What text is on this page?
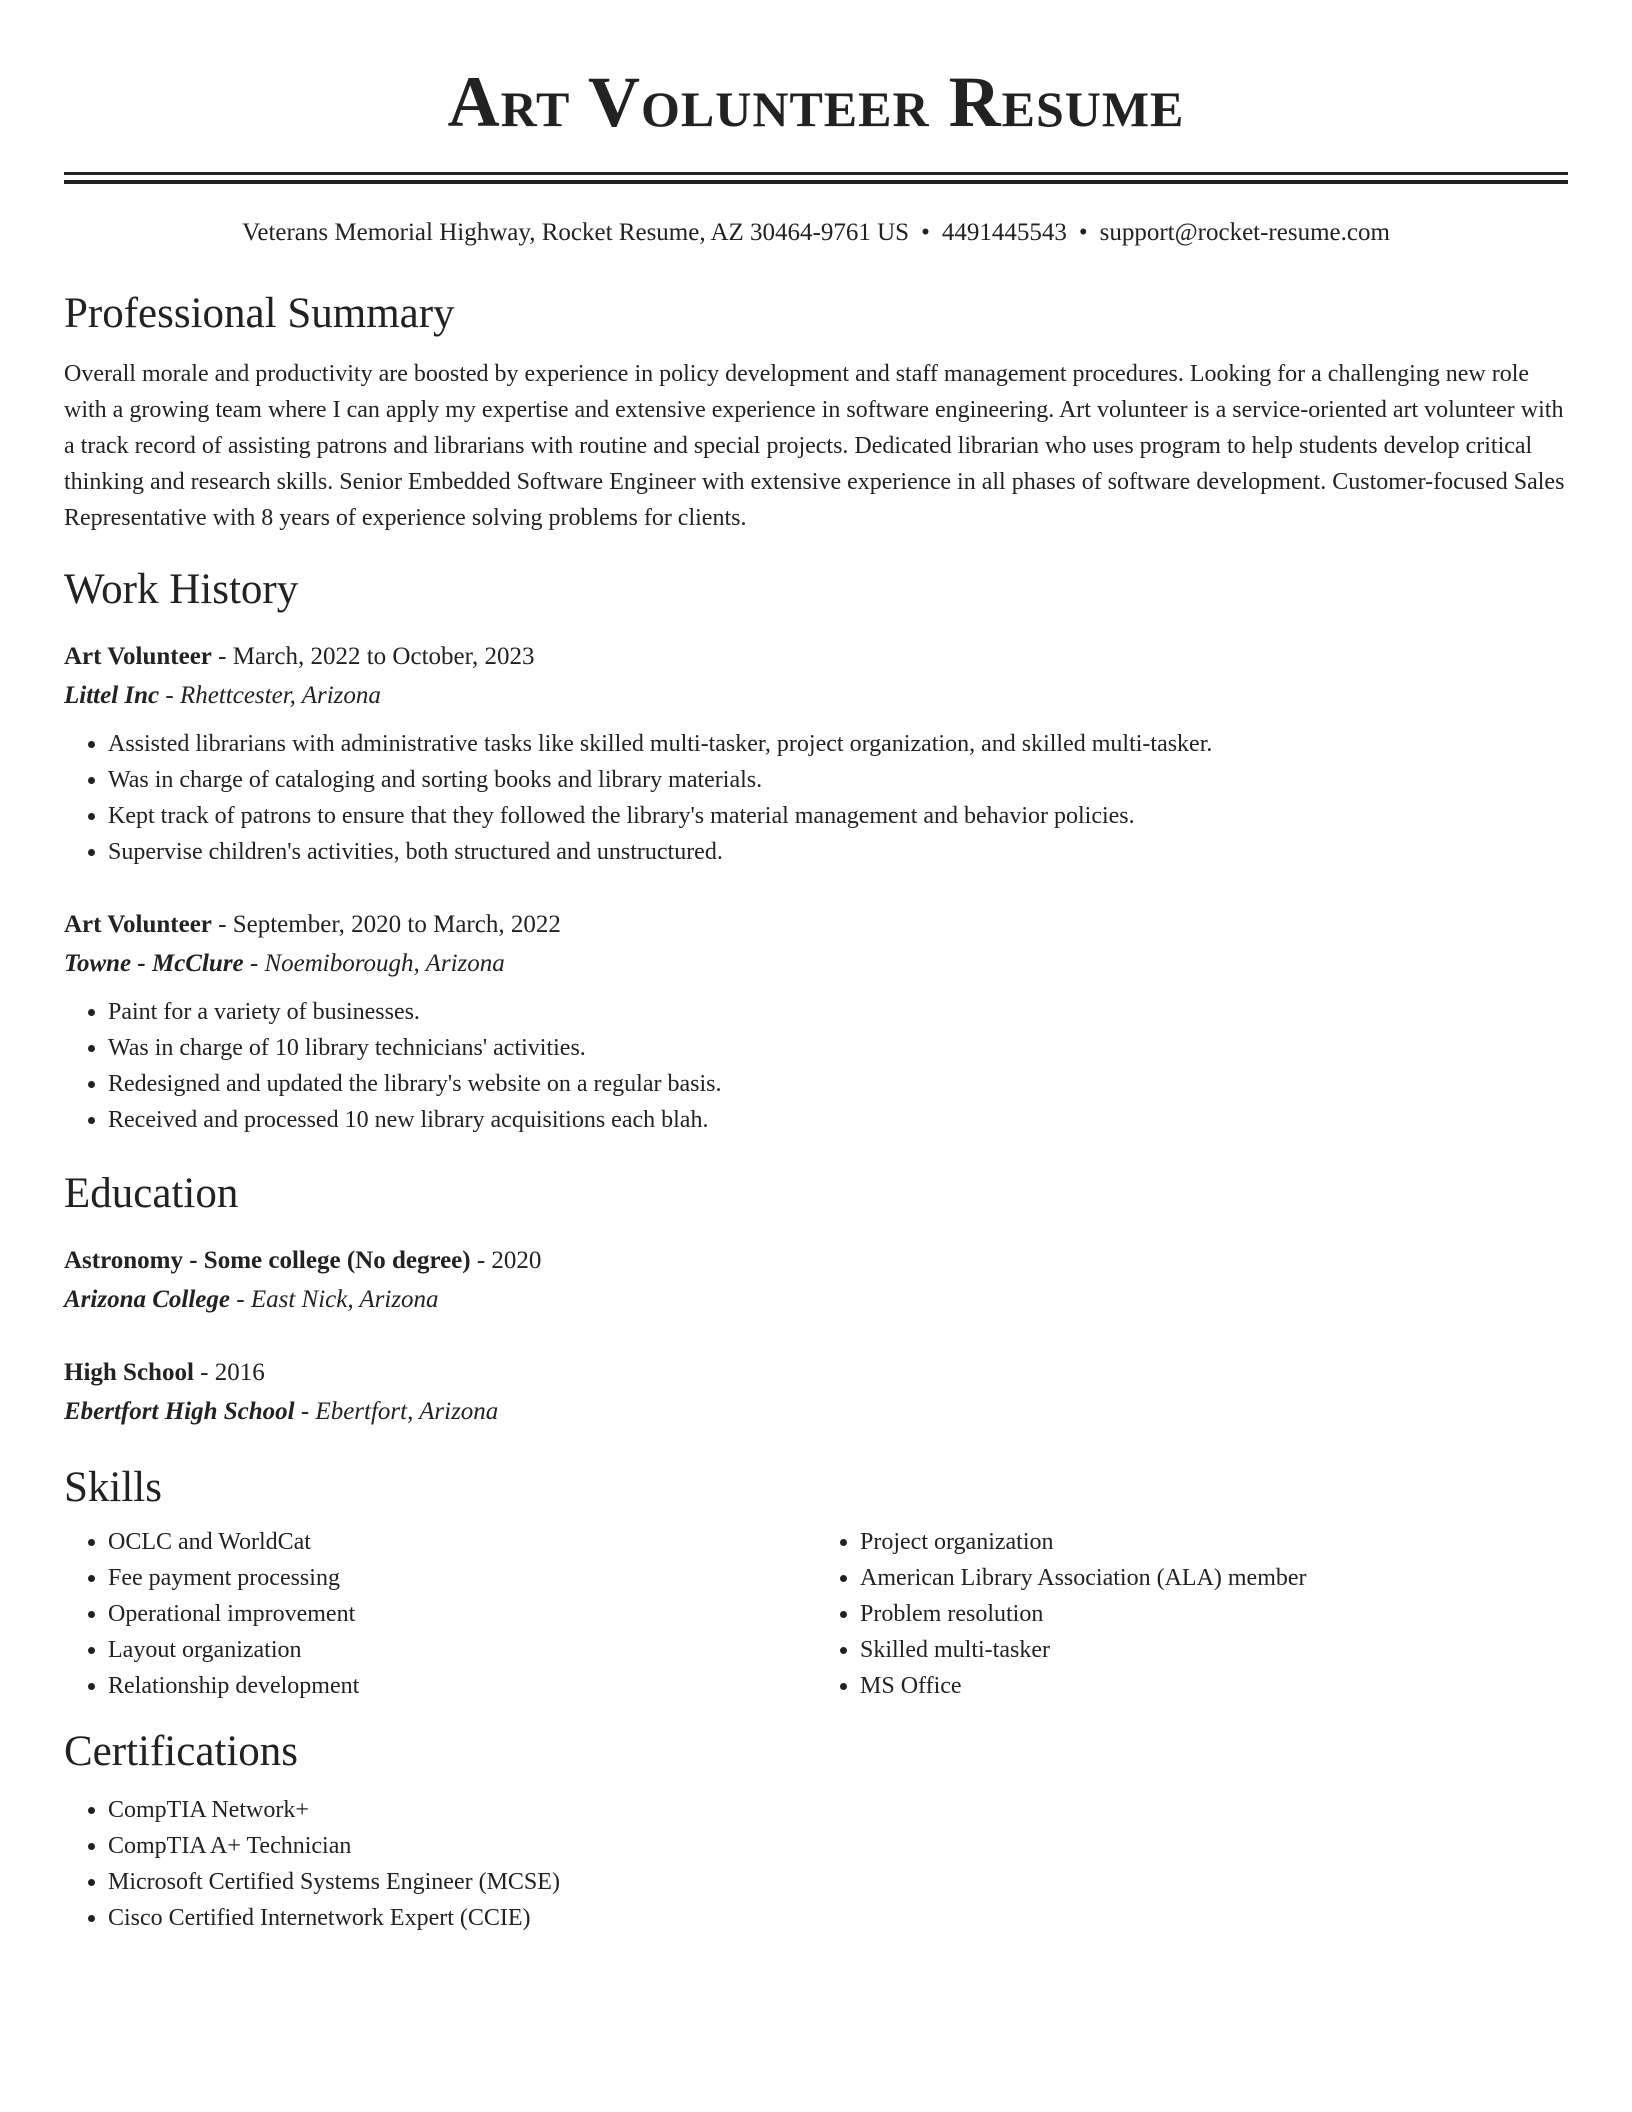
Art Volunteer Resume
Veterans Memorial Highway, Rocket Resume, AZ 30464-9761 US • 4491445543 • support@rocket-resume.com
Professional Summary
Overall morale and productivity are boosted by experience in policy development and staff management procedures. Looking for a challenging new role with a growing team where I can apply my expertise and extensive experience in software engineering. Art volunteer is a service-oriented art volunteer with a track record of assisting patrons and librarians with routine and special projects. Dedicated librarian who uses program to help students develop critical thinking and research skills. Senior Embedded Software Engineer with extensive experience in all phases of software development. Customer-focused Sales Representative with 8 years of experience solving problems for clients.
Work History
Art Volunteer - March, 2022 to October, 2023
Littel Inc - Rhettcester, Arizona
• Assisted librarians with administrative tasks like skilled multi-tasker, project organization, and skilled multi-tasker.
• Was in charge of cataloging and sorting books and library materials.
• Kept track of patrons to ensure that they followed the library's material management and behavior policies.
• Supervise children's activities, both structured and unstructured.
Art Volunteer - September, 2020 to March, 2022
Towne - McClure - Noemiborough, Arizona
• Paint for a variety of businesses.
• Was in charge of 10 library technicians' activities.
• Redesigned and updated the library's website on a regular basis.
• Received and processed 10 new library acquisitions each blah.
Education
Astronomy - Some college (No degree) - 2020
Arizona College - East Nick, Arizona
High School - 2016
Ebertfort High School - Ebertfort, Arizona
Skills
• OCLC and WorldCat
• Fee payment processing
• Operational improvement
• Layout organization
• Relationship development
• Project organization
• American Library Association (ALA) member
• Problem resolution
• Skilled multi-tasker
• MS Office
Certifications
• CompTIA Network+
• CompTIA A+ Technician
• Microsoft Certified Systems Engineer (MCSE)
• Cisco Certified Internetwork Expert (CCIE)
